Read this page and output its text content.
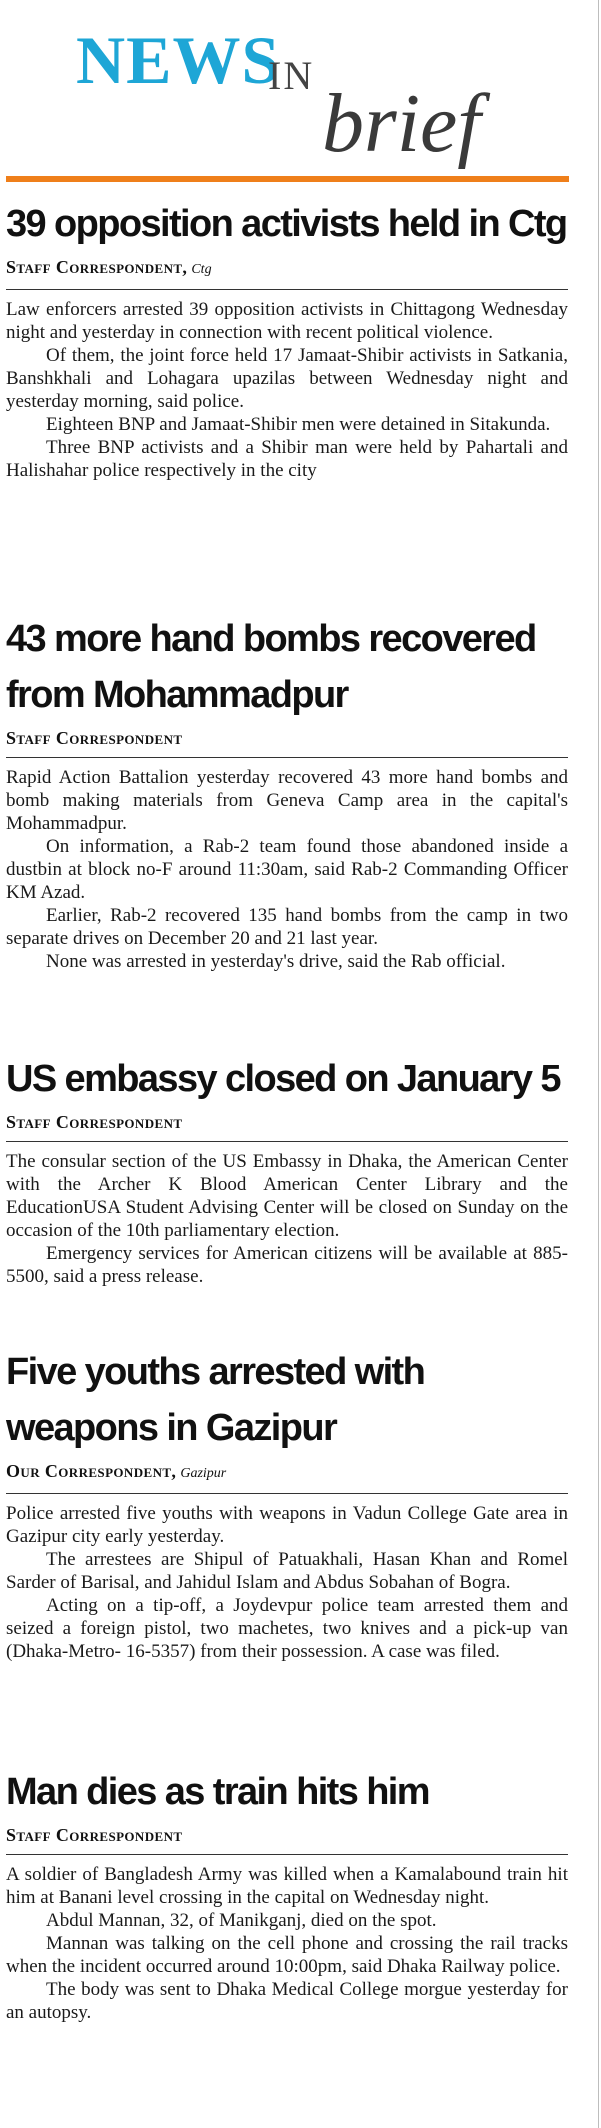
NEWS
IN
brief
39 opposition activists held in Ctg
Staff Correspondent, Ctg

Law enforcers arrested 39 opposition activists in Chittagong Wednesday night and yesterday in connection with recent political violence.

Of them, the joint force held 17 Jamaat-Shibir activists in Satkania, Banshkhali and Lohagara upazilas between Wednesday night and yesterday morning, said police.

Eighteen BNP and Jamaat-Shibir men were detained in Sitakunda.

Three BNP activists and a Shibir man were held by Pahartali and Halishahar police respectively in the city

43 more hand bombs recovered
from Mohammadpur
Staff Correspondent

Rapid Action Battalion yesterday recovered 43 more hand bombs and bomb making materials from Geneva Camp area in the capital's Mohammadpur.

On information, a Rab-2 team found those abandoned inside a dustbin at block no-F around 11:30am, said Rab-2 Commanding Officer KM Azad.

Earlier, Rab-2 recovered 135 hand bombs from the camp in two separate drives on December 20 and 21 last year.

None was arrested in yesterday's drive, said the Rab official.

US embassy closed on January 5
Staff Correspondent

The consular section of the US Embassy in Dhaka, the American Center with the Archer K Blood American Center Library and the EducationUSA Student Advising Center will be closed on Sunday on the occasion of the 10th parliamentary election.

Emergency services for American citizens will be available at 885-5500, said a press release.

Five youths arrested with
weapons in Gazipur
Our Correspondent, Gazipur

Police arrested five youths with weapons in Vadun College Gate area in Gazipur city early yesterday.

The arrestees are Shipul of Patuakhali, Hasan Khan and Romel Sarder of Barisal, and Jahidul Islam and Abdus Sobahan of Bogra.

Acting on a tip-off, a Joydevpur police team arrested them and seized a foreign pistol, two machetes, two knives and a pick-up van (Dhaka-Metro- 16-5357) from their possession. A case was filed.

Man dies as train hits him
Staff Correspondent

A soldier of Bangladesh Army was killed when a Kamalabound train hit him at Banani level crossing in the capital on Wednesday night.

Abdul Mannan, 32, of Manikganj, died on the spot.

Mannan was talking on the cell phone and crossing the rail tracks when the incident occurred around 10:00pm, said Dhaka Railway police.

The body was sent to Dhaka Medical College morgue yesterday for an autopsy.
